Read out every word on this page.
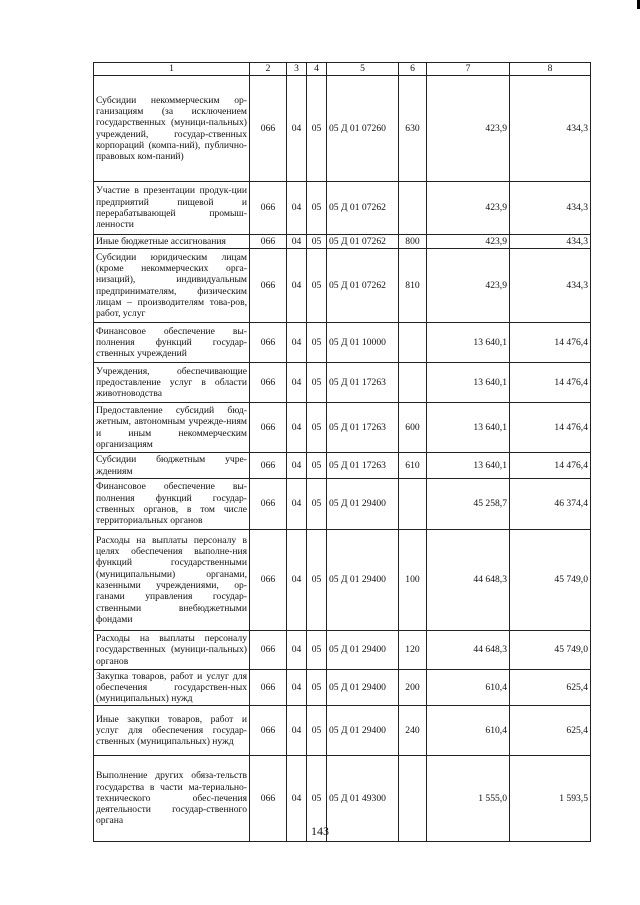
1	2	3	4	5	6	7	8
Субсидии некоммерческим ор-ганизациям (за исключением государственных (муници-пальных) учреждений, государ-ственных корпораций (компа-ний), публично-правовых ком-паний)	066	04	05	05 Д 01 07260	630	423,9	434,3
Участие в презентации продук-ции предприятий пищевой и перерабатывающей промыш-ленности	066	04	05	05 Д 01 07262		423,9	434,3
Иные бюджетные ассигнования	066	04	05	05 Д 01 07262	800	423,9	434,3
Субсидии юридическим лицам (кроме некоммерческих орга-низаций), индивидуальным предпринимателям, физическим лицам – производителям това-ров, работ, услуг	066	04	05	05 Д 01 07262	810	423,9	434,3
Финансовое обеспечение вы-полнения функций государ-ственных учреждений	066	04	05	05 Д 01 10000		13 640,1	14 476,4
Учреждения, обеспечивающие предоставление услуг в области животноводства	066	04	05	05 Д 01 17263		13 640,1	14 476,4
Предоставление субсидий бюд-жетным, автономным учрежде-ниям и иным некоммерческим организациям	066	04	05	05 Д 01 17263	600	13 640,1	14 476,4
Субсидии бюджетным учре-ждениям	066	04	05	05 Д 01 17263	610	13 640,1	14 476,4
Финансовое обеспечение вы-полнения функций государ-ственных органов, в том числе территориальных органов	066	04	05	05 Д 01 29400		45 258,7	46 374,4
Расходы на выплаты персоналу в целях обеспечения выполне-ния функций государственными (муниципальными) органами, казенными учреждениями, ор-ганами управления государ-ственными внебюджетными фондами	066	04	05	05 Д 01 29400	100	44 648,3	45 749,0
Расходы на выплаты персоналу государственных (муници-пальных) органов	066	04	05	05 Д 01 29400	120	44 648,3	45 749,0
Закупка товаров, работ и услуг для обеспечения государствен-ных (муниципальных) нужд	066	04	05	05 Д 01 29400	200	610,4	625,4
Иные закупки товаров, работ и услуг для обеспечения государ-ственных (муниципальных) нужд	066	04	05	05 Д 01 29400	240	610,4	625,4
Выполнение других обяза-тельств государства в части ма-териально-технического обес-печения деятельности государ-ственного органа	066	04	05	05 Д 01 49300		1 555,0	1 593,5
143
